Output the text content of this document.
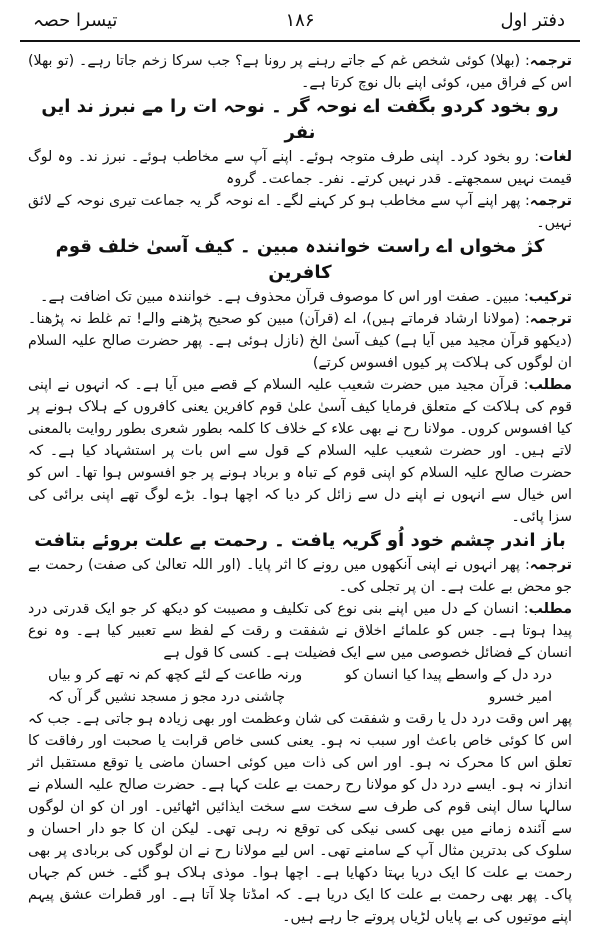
دفتر اول
۱۸۶
تیسرا حصہ

ترجمہ: (بھلا) کوئی شخص غم کے جاتے رہنے پر رونا ہے؟ جب سرکا زخم جاتا رہے۔ (تو بھلا) اس کے فراق میں، کوئی اپنے بال نوچ کرتا ہے۔

رو بخود کردو بگفت اے نوحہ گر ۔ نوحہ ات را مے نبرز ند ایں نفر

لغات: رو بخود کرد۔ اپنی طرف متوجہ ہوئے۔ اپنے آپ سے مخاطب ہوئے۔ نبرز ند۔ وہ لوگ قیمت نہیں سمجھتے۔ قدر نہیں کرتے۔ نفر۔ جماعت۔ گروہ

ترجمہ: پھر اپنے آپ سے مخاطب ہو کر کہنے لگے۔ اے نوحہ گر یہ جماعت تیری نوحہ کے لائق نہیں۔

کژ مخواں اے راست خوانندہ مبین ۔ کیف آسیٰ خلف قوم کافرین

ترکیب: مبین۔ صفت اور اس کا موصوف قرآن محذوف ہے۔ خوانندہ مبین تک اضافت ہے۔

ترجمہ: (مولانا ارشاد فرماتے ہیں)، اے (قرآن) مبین کو صحیح پڑھنے والے! تم غلط نہ پڑھنا۔ (دیکھو قرآن مجید میں آیا ہے) کیف آسیٰ الخ (نازل ہوئی ہے۔ پھر حضرت صالح علیہ السلام ان لوگوں کی ہلاکت پر کیوں افسوس کرتے)

مطلب: قرآن مجید میں حضرت شعیب علیہ السلام کے قصے میں آیا ہے۔ کہ انہوں نے اپنی قوم کی ہلاکت کے متعلق فرمایا کیف آسیٰ علیٰ قوم کافرین یعنی کافروں کے ہلاک ہونے پر کیا افسوس کروں۔ مولانا رح نے بھی علاء کے خلاف کا کلمہ بطور شعری بطور روایت بالمعنی لاتے ہیں۔ اور حضرت شعیب علیہ السلام کے قول سے اس بات پر استشہاد کیا ہے۔ کہ حضرت صالح علیہ السلام کو اپنی قوم کے تباہ و برباد ہونے پر جو افسوس ہوا تھا۔ اس کو اس خیال سے انہوں نے اپنے دل سے زائل کر دیا کہ اچھا ہوا۔ بڑے لوگ تھے اپنی برائی کی سزا پائی۔

باز اندر چشم خود اُو گریہ یافت ۔ رحمت بے علت بروئے بتافت

ترجمہ: پھر انہوں نے اپنی آنکھوں میں رونے کا اثر پایا۔ (اور اللہ تعالیٰ کی صفت) رحمت بے جو محض بے علت ہے۔ ان پر تجلی کی۔

مطلب: انسان کے دل میں اپنے بنی نوع کی تکلیف و مصیبت کو دیکھ کر جو ایک قدرتی درد پیدا ہوتا ہے۔ جس کو علمائے اخلاق نے شفقت و رقت کے لفظ سے تعبیر کیا ہے۔ وہ نوع انسان کے فضائل خصوصی میں سے ایک فضیلت ہے۔ کسی کا قول ہے

درد دل کے واسطے پیدا کیا انسان کو
ورنہ طاعت کے لئے کچھ کم نہ تھے کر و بیاں
امیر خسرو
چاشنی درد مجو ز مسجد نشیں گر آں کہ

پھر اس وقت درد دل یا رقت و شفقت کی شان وعظمت اور بھی زیادہ ہو جاتی ہے۔ جب کہ اس کا کوئی خاص باعث اور سبب نہ ہو۔ یعنی کسی خاص قرابت یا صحبت اور رفاقت کا تعلق اس کا محرک نہ ہو۔ اور اس کی ذات میں کوئی احسان ماضی یا توقع مستقبل اثر انداز نہ ہو۔ ایسے درد دل کو مولانا رح رحمت بے علت کہا ہے۔ حضرت صالح علیہ السلام نے سالہا سال اپنی قوم کی طرف سے سخت سے سخت ایذائیں اٹھائیں۔ اور ان کو ان لوگوں سے آئندہ زمانے میں بھی کسی نیکی کی توقع نہ رہی تھی۔ لیکن ان کا جو دار احسان و سلوک کی بدترین مثال آپ کے سامنے تھی۔ اس لیے مولانا رح نے ان لوگوں کی بربادی پر بھی رحمت بے علت کا ایک دریا بہتا دکھایا ہے۔ اچھا ہوا۔ موذی ہلاک ہو گئے۔ خس کم جہاں پاک۔ پھر بھی رحمت بے علت کا ایک دریا ہے۔ کہ امڈتا چلا آتا ہے۔ اور قطرات عشق پیہم اپنے موتیوں کی بے پایاں لڑیاں پروتے جا رہے ہیں۔
